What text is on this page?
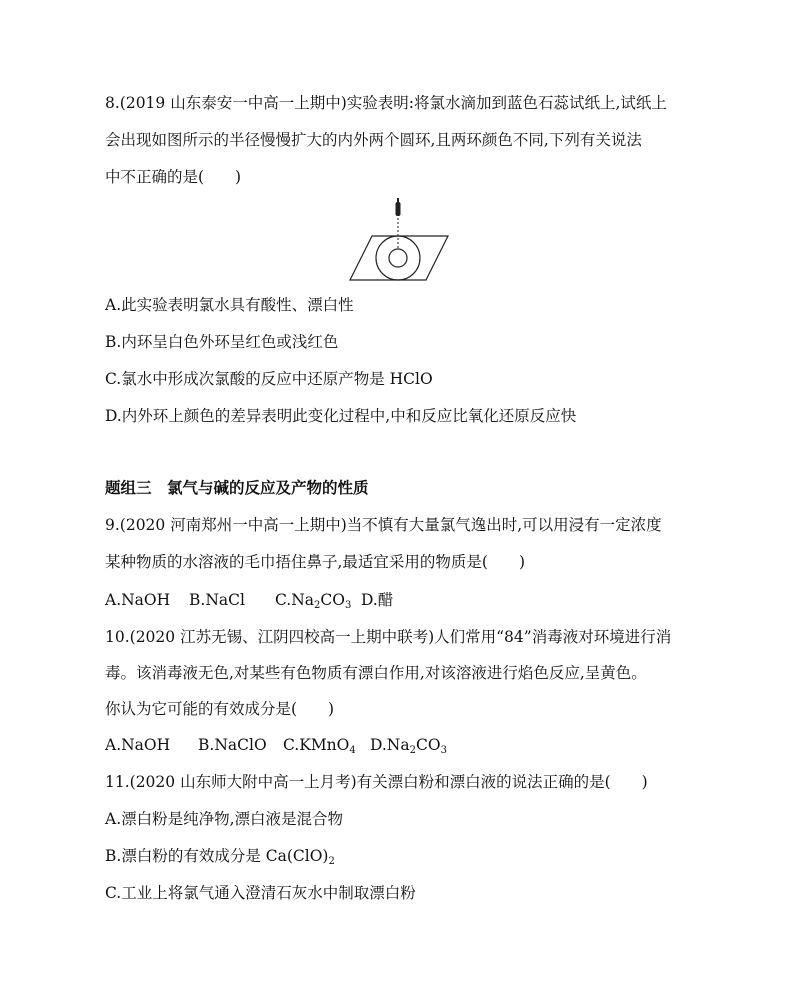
8.(2019 山东泰安一中高一上期中)实验表明:将氯水滴加到蓝色石蕊试纸上,试纸上
会出现如图所示的半径慢慢扩大的内外两个圆环,且两环颜色不同,下列有关说法
中不正确的是(　　)
A.此实验表明氯水具有酸性、漂白性
B.内环呈白色外环呈红色或浅红色
C.氯水中形成次氯酸的反应中还原产物是 HClO
D.内外环上颜色的差异表明此变化过程中,中和反应比氧化还原反应快
题组三　氯气与碱的反应及产物的性质
9.(2020 河南郑州一中高一上期中)当不慎有大量氯气逸出时,可以用浸有一定浓度
某种物质的水溶液的毛巾捂住鼻子,最适宜采用的物质是(　　)
A.NaOH B.NaCl $C.Na_2CO_3$ D.醋
10.(2020 江苏无锡、江阴四校高一上期中联考)人们常用“84”消毒液对环境进行消
毒。该消毒液无色,对某些有色物质有漂白作用,对该溶液进行焰色反应,呈黄色。
你认为它可能的有效成分是(　　)
A.NaOH B.NaClO C.KMnO$_4$ $D.Na_2CO_3$
11.(2020 山东师大附中高一上月考)有关漂白粉和漂白液的说法正确的是(　　)
A.漂白粉是纯净物,漂白液是混合物
B.漂白粉的有效成分是 $Ca(ClO)_2$
C.工业上将氯气通入澄清石灰水中制取漂白粉
